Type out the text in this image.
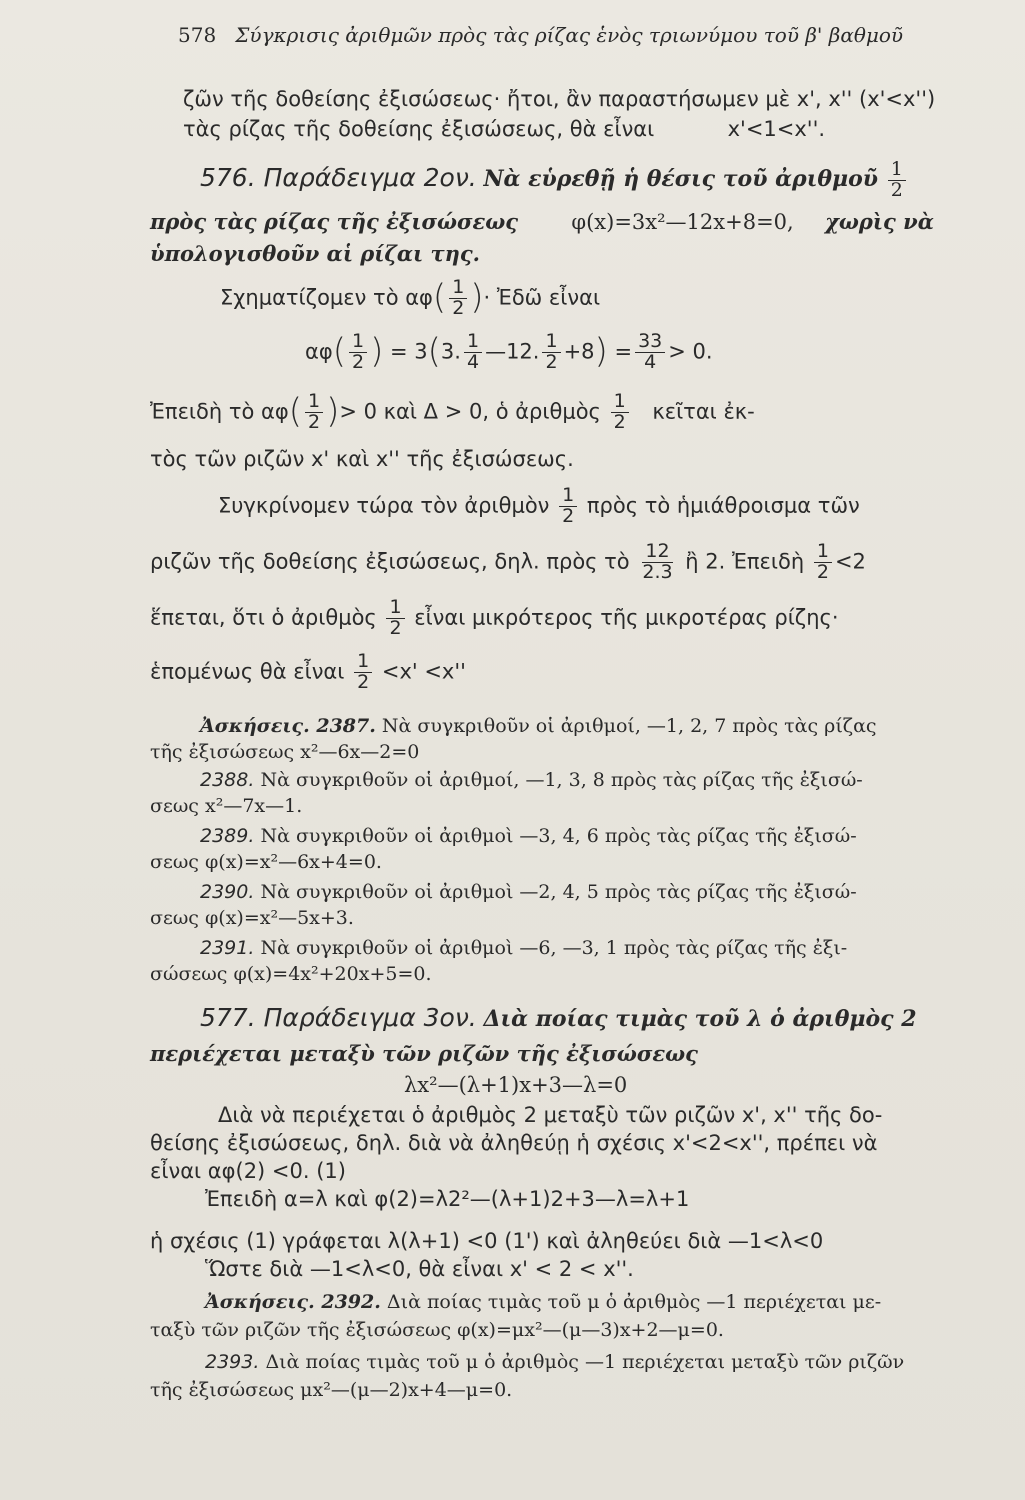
578 Σύγκρισις ἀριθμῶν πρὸς τὰς ρίζας ἑνὸς τριωνύμου τοῦ β' βαθμοῦ
ζῶν τῆς δοθείσης ἐξισώσεως· ἤτοι, ἂν παραστήσωμεν μὲ x', x'' (x'<x'')
τὰς ρίζας τῆς δοθείσης ἐξισώσεως, θὰ εἶναι	x'<1<x''.
576. Παράδειγμα 2ον. Νὰ εὑρεθῇ ἡ θέσις τοῦ ἀριθμοῦ $\frac{1}{2}$
πρὸς τὰς ρίζας τῆς ἐξισώσεως	φ(x)=3x²—12x+8=0, χωρὶς νὰ
ὑπολογισθοῦν αἱ ρίζαι της.
Σχηματίζομεν τὸ $\alpha\varphi( \frac{1}{2}$ )· Ἐδῶ εἶναι
$\alpha\varphi( \frac{1}{2}$ ) = 3(3. $\frac{1}{4}$ —12. $\frac{1}{2} +8) = \frac{33}{4} > 0$.
Ἐπειδὴ τὸ $\alpha\varphi( \frac{1}{2}$ )> 0 καὶ Δ > 0, ὁ ἀριθμὸς $\frac{1}{2}$ κεῖται ἐκ-
τὸς τῶν ριζῶν x' καὶ x'' τῆς ἐξισώσεως.
Συγκρίνομεν τώρα τὸν ἀριθμὸν $\frac{1}{2}$ πρὸς τὸ ἡμιάθροισμα τῶν
ριζῶν τῆς δοθείσης ἐξισώσεως, δηλ. πρὸς τὸ $\frac{12}{2.3}$ ἢ 2. Ἐπειδὴ $\frac{1}{2} <2$
ἕπεται, ὅτι ὁ ἀριθμὸς $\frac{1}{2}$ εἶναι μικρότερος τῆς μικροτέρας ρίζης·
ἑπομένως θὰ εἶναι $\frac{1}{2} <x' <x''$
Ἀσκήσεις. 2387. Νὰ συγκριθοῦν οἱ ἀριθμοί, —1, 2, 7 πρὸς τὰς ρίζας
τῆς ἐξισώσεως x²—6x—2=0
2388. Νὰ συγκριθοῦν οἱ ἀριθμοί, —1, 3, 8 πρὸς τὰς ρίζας τῆς ἐξισώ-
σεως x²—7x—1.
2389. Νὰ συγκριθοῦν οἱ ἀριθμοὶ —3, 4, 6 πρὸς τὰς ρίζας τῆς ἐξισώ-
σεως φ(x)=x²—6x+4=0.
2390. Νὰ συγκριθοῦν οἱ ἀριθμοὶ —2, 4, 5 πρὸς τὰς ρίζας τῆς ἐξισώ-
σεως φ(x)=x²—5x+3.
2391. Νὰ συγκριθοῦν οἱ ἀριθμοὶ —6, —3, 1 πρὸς τὰς ρίζας τῆς ἐξι-
σώσεως φ(x)=4x²+20x+5=0.
577. Παράδειγμα 3ον. Διὰ ποίας τιμὰς τοῦ λ ὁ ἀριθμὸς 2
περιέχεται μεταξὺ τῶν ριζῶν τῆς ἐξισώσεως
λx²—(λ+1)x+3—λ=0
Διὰ νὰ περιέχεται ὁ ἀριθμὸς 2 μεταξὺ τῶν ριζῶν x', x'' τῆς δο-
θείσης ἐξισώσεως, δηλ. διὰ νὰ ἀληθεύῃ ἡ σχέσις x'<2<x'', πρέπει νὰ
εἶναι αφ(2) <0. (1)
Ἐπειδὴ α=λ καὶ φ(2)=λ2²—(λ+1)2+3—λ=λ+1
ἡ σχέσις (1) γράφεται λ(λ+1) <0 (1') καὶ ἀληθεύει διὰ —1<λ<0
Ὥστε διὰ —1<λ<0, θὰ εἶναι x' < 2 < x''.
Ἀσκήσεις. 2392. Διὰ ποίας τιμὰς τοῦ μ ὁ ἀριθμὸς —1 περιέχεται με-
ταξὺ τῶν ριζῶν τῆς ἐξισώσεως φ(x)=μx²—(μ—3)x+2—μ=0.
2393. Διὰ ποίας τιμὰς τοῦ μ ὁ ἀριθμὸς —1 περιέχεται μεταξὺ τῶν ριζῶν
τῆς ἐξισώσεως μx²—(μ—2)x+4—μ=0.
